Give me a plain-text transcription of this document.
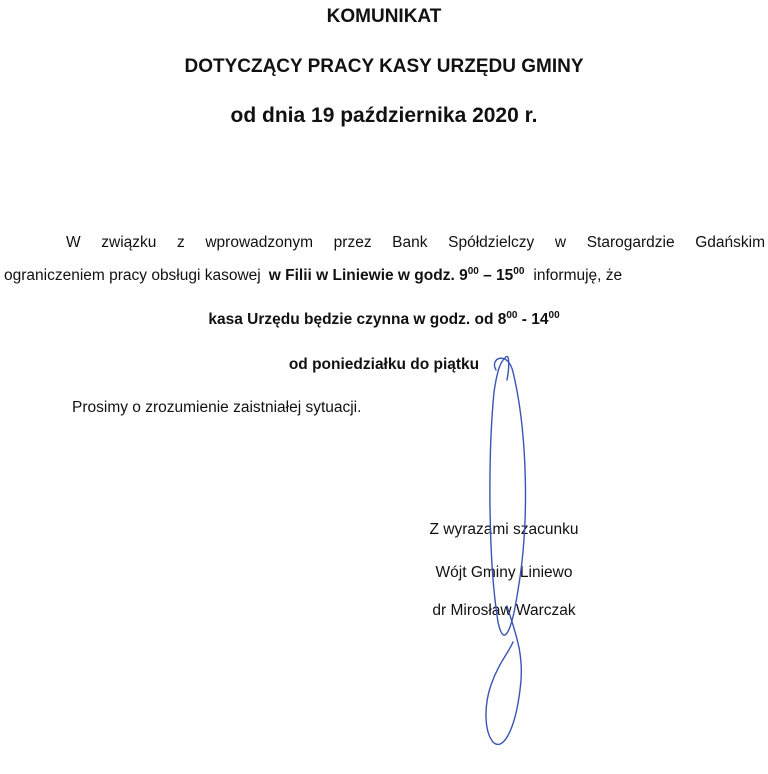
KOMUNIKAT
DOTYCZĄCY PRACY KASY URZĘDU GMINY
od dnia 19 października 2020 r.
W związku z wprowadzonym przez Bank Spółdzielczy w Starogardzie Gdańskim
ograniczeniem pracy obsługi kasowej w Filii w Liniewie w godz. $9^{00} - 15^{00}$ informuję, że
kasa Urzędu będzie czynna w godz. od $8^{00} - 14^{00}$
od poniedziałku do piątku
Prosimy o zrozumienie zaistniałej sytuacji.
Z wyrazami szacunku
Wójt Gminy Liniewo
dr Mirosław Warczak
